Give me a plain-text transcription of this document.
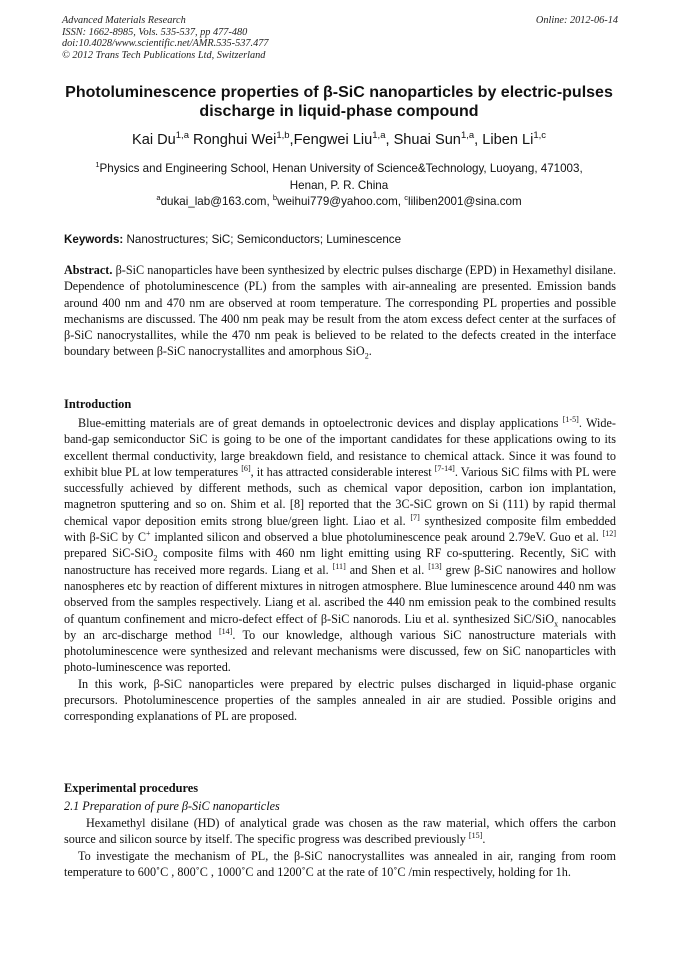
Advanced Materials Research
ISSN: 1662-8985, Vols. 535-537, pp 477-480
doi:10.4028/www.scientific.net/AMR.535-537.477
© 2012 Trans Tech Publications Ltd, Switzerland
Online: 2012-06-14
Photoluminescence properties of β-SiC nanoparticles by electric-pulses
discharge in liquid-phase compound
Kai Du$^{1,a}$ Ronghui Wei$^{1,b}$,Fengwei Liu$^{1,a}$, Shuai Sun$^{1,a}$, Liben Li$^{1,c}$
$^1$Physics and Engineering School, Henan University of Science&Technology, Luoyang, 471003,
Henan, P. R. China
$^a$dukai_lab@163.com, $^b$weihui779@yahoo.com, $^c$liliben2001@sina.com
Keywords: Nanostructures; SiC; Semiconductors; Luminescence
Abstract. β-SiC nanoparticles have been synthesized by electric pulses discharge (EPD) in Hexamethyl disilane. Dependence of photoluminescence (PL) from the samples with air-annealing are presented. Emission bands around 400 nm and 470 nm are observed at room temperature. The corresponding PL properties and possible mechanisms are discussed. The 400 nm peak may be result from the atom excess defect center at the surfaces of β-SiC nanocrystallites, while the 470 nm peak is believed to be related to the defects created in the interface boundary between β-SiC nanocrystallites and amorphous SiO$_2$.
Introduction

Blue-emitting materials are of great demands in optoelectronic devices and display applications [1-5]. Wide-band-gap semiconductor SiC is going to be one of the important candidates for these applications owing to its excellent thermal conductivity, large breakdown field, and resistance to chemical attack. Since it was found to exhibit blue PL at low temperatures [6], it has attracted considerable interest [7-14]. Various SiC films with PL were successfully achieved by different methods, such as chemical vapor deposition, carbon ion implantation, magnetron sputtering and so on. Shim et al. [8] reported that the 3C-SiC grown on Si (111) by rapid thermal chemical vapor deposition emits strong blue/green light. Liao et al. [7] synthesized composite film embedded with β-SiC by C+ implanted silicon and observed a blue photoluminescence peak around 2.79eV. Guo et al. [12] prepared SiC-SiO$_2$ composite films with 460 nm light emitting using RF co-sputtering. Recently, SiC with nanostructure has received more regards. Liang et al. [11] and Shen et al. [13] grew β-SiC nanowires and hollow nanospheres etc by reaction of different mixtures in nitrogen atmosphere. Blue luminescence around 440 nm was observed from the samples respectively. Liang et al. ascribed the 440 nm emission peak to the combined results of quantum confinement and micro-defect effect of β-SiC nanorods. Liu et al. synthesized SiC/SiO$_x$ nanocables by an arc-discharge method [14]. To our knowledge, although various SiC nanostructure materials with photoluminescence were synthesized and relevant mechanisms were discussed, few on SiC nanoparticles with photo-luminescence was reported.

In this work, β-SiC nanoparticles were prepared by electric pulses discharged in liquid-phase organic precursors. Photoluminescence properties of the samples annealed in air are studied. Possible origins and corresponding explanations of PL are proposed.

Experimental procedures
2.1 Preparation of pure β-SiC nanoparticles

Hexamethyl disilane (HD) of analytical grade was chosen as the raw material, which offers the carbon source and silicon source by itself. The specific progress was described previously [15].

To investigate the mechanism of PL, the β-SiC nanocrystallites was annealed in air, ranging from room temperature to 600˚C , 800˚C , 1000˚C and 1200˚C at the rate of 10˚C /min respectively, holding for 1h.
